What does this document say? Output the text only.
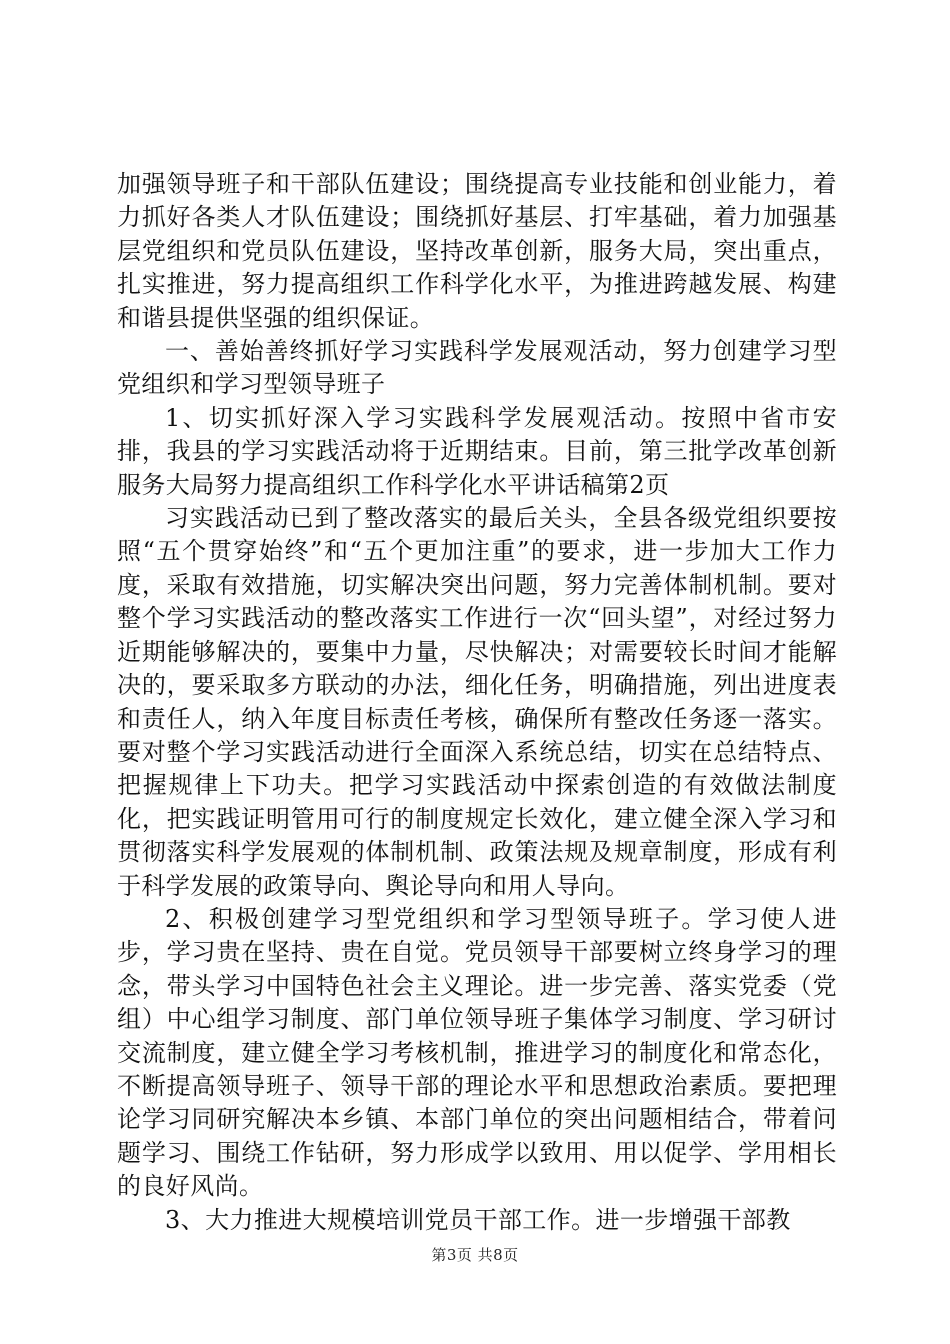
加强领导班子和干部队伍建设；围绕提高专业技能和创业能力，着力抓好各类人才队伍建设；围绕抓好基层、打牢基础，着力加强基层党组织和党员队伍建设，坚持改革创新，服务大局，突出重点，扎实推进，努力提高组织工作科学化水平，为推进跨越发展、构建和谐县提供坚强的组织保证。

一、善始善终抓好学习实践科学发展观活动，努力创建学习型党组织和学习型领导班子

1、切实抓好深入学习实践科学发展观活动。按照中省市安排，我县的学习实践活动将于近期结束。目前，第三批学改革创新服务大局努力提高组织工作科学化水平讲话稿第2页

习实践活动已到了整改落实的最后关头，全县各级党组织要按照“五个贯穿始终”和“五个更加注重”的要求，进一步加大工作力度，采取有效措施，切实解决突出问题，努力完善体制机制。要对整个学习实践活动的整改落实工作进行一次“回头望”，对经过努力近期能够解决的，要集中力量，尽快解决；对需要较长时间才能解决的，要采取多方联动的办法，细化任务，明确措施，列出进度表和责任人，纳入年度目标责任考核，确保所有整改任务逐一落实。要对整个学习实践活动进行全面深入系统总结，切实在总结特点、把握规律上下功夫。把学习实践活动中探索创造的有效做法制度化，把实践证明管用可行的制度规定长效化，建立健全深入学习和贯彻落实科学发展观的体制机制、政策法规及规章制度，形成有利于科学发展的政策导向、舆论导向和用人导向。

2、积极创建学习型党组织和学习型领导班子。学习使人进步，学习贵在坚持、贵在自觉。党员领导干部要树立终身学习的理念，带头学习中国特色社会主义理论。进一步完善、落实党委（党组）中心组学习制度、部门单位领导班子集体学习制度、学习研讨交流制度，建立健全学习考核机制，推进学习的制度化和常态化，不断提高领导班子、领导干部的理论水平和思想政治素质。要把理论学习同研究解决本乡镇、本部门单位的突出问题相结合，带着问题学习、围绕工作钻研，努力形成学以致用、用以促学、学用相长的良好风尚。

3、大力推进大规模培训党员干部工作。进一步增强干部教

第3页 共8页
